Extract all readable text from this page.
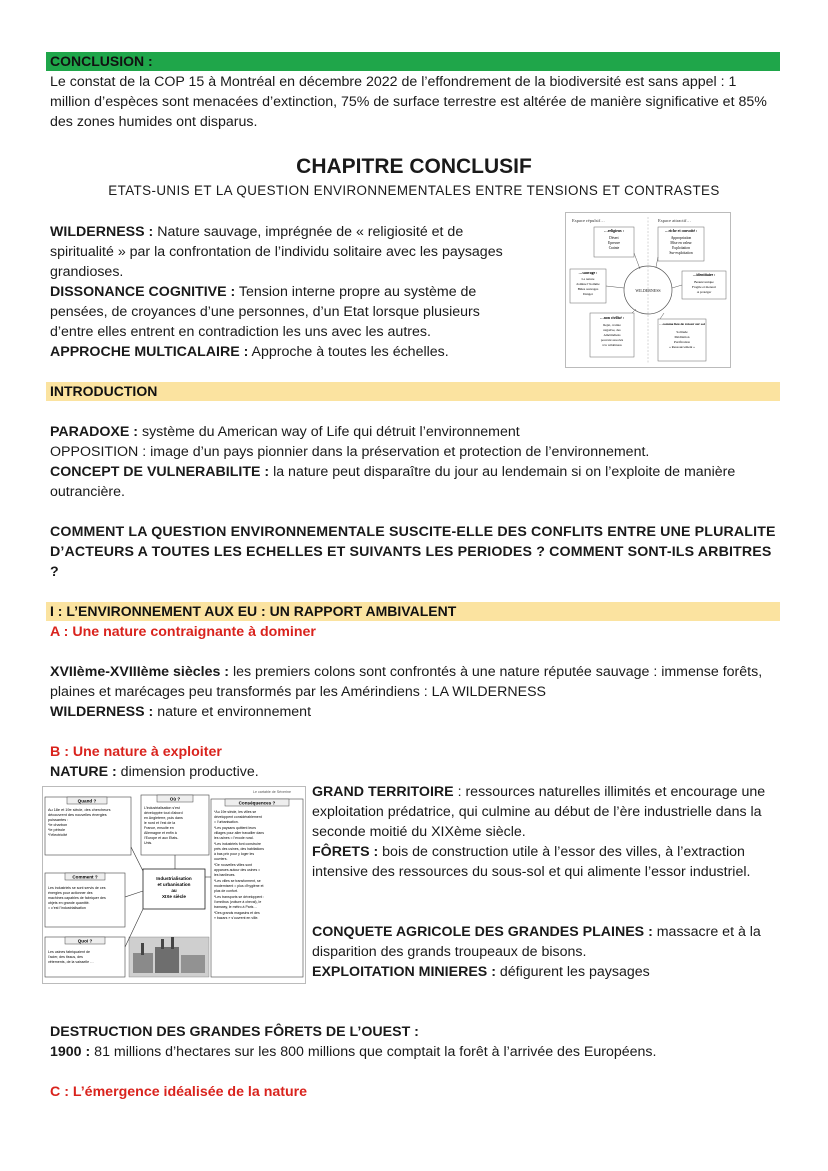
CONCLUSION :

Le constat de la COP 15 à Montréal en décembre 2022 de l’effondrement de la biodiversité est sans appel : 1 million d’espèces sont menacées d’extinction, 75% de surface terrestre est altérée de manière significative et 85% des zones humides ont disparus.

CHAPITRE CONCLUSIF
ETATS-UNIS ET LA QUESTION ENVIRONNEMENTALES ENTRE TENSIONS ET CONTRASTES

WILDERNESS : Nature sauvage, imprégnée de « religiosité et de spiritualité » par la confrontation de l’individu solitaire avec les paysages grandioses.

DISSONANCE COGNITIVE : Tension interne propre au système de pensées, de croyances d’une personnes, d’un Etat lorsque plusieurs d’entre elles entrent en contradiction les uns avec les autres.

APPROCHE MULTICALAIRE : Approche à toutes les échelles.

Espace répulsif…	Espace attractif…
WILDERNESS
…religieux :
Désert
Epreuve
Crainte
…riche et convoité :
Appropriation
Mise en valeur
Exploitation
Sur-exploitation
…sauvage :
La nature
domine l’homme
Bêtes sauvages
Danger
…identitaire :
Beauté unique
Fragile et menacé
A protéger
…non civilisé :
Rejet, crainte
négative, des
Amérindiens
pouvant associés
à la wildérness
…comme lieu de retour sur soi
Solitude
Méditation
Purification
« Ressourcement »
INTRODUCTION

PARADOXE : système du American way of Life qui détruit l’environnement

OPPOSITION : image d’un pays pionnier dans la préservation et protection de l’environnement.

CONCEPT DE VULNERABILITE : la nature peut disparaître du jour au lendemain si on l’exploite de manière outrancière.

COMMENT LA QUESTION ENVIRONNEMENTALE SUSCITE-ELLE DES CONFLITS ENTRE UNE PLURALITE D’ACTEURS A TOUTES LES ECHELLES ET SUIVANTS LES PERIODES ? COMMENT SONT-ILS ARBITRES ?

I : L’ENVIRONNEMENT AUX EU : UN RAPPORT AMBIVALENT

A : Une nature contraignante à dominer

XVIIème-XVIIIème siècles : les premiers colons sont confrontés à une nature réputée sauvage : immense forêts, plaines et marécages peu transformés par les Amérindiens : LA WILDERNESS

WILDERNESS : nature et environnement

B : Une nature à exploiter

NATURE : dimension productive.

Le cartable de Séverine
Quand ?
Au 18e et 19e siècle, des chercheurs
découvrent des nouvelles énergies
puissantes :
*le charbon
*le pétrole
*l’électricité
Où ?
L’industrialisation s’est
développée tout d’abord
en Angleterre, puis dans
le nord et l’est de la
France, ensuite en
Allemagne et enfin à
l’Europe et aux Etats-
Unis.
Conséquences ?
*Au 19e siècle, les villes se
développent considérablement
= l’urbanisation.
*Les paysans quittent leurs
villages pour aller travailler dans
les usines = l’exode rural.
*Les industriels font construire
près des usines, des habitations
à bas prix pour y loger les
ouvriers.
*De nouvelles villes sont
apparues autour des usines =
les banlieues.
*Les villes se transforment, se
modernisent = plus d’hygiène et
plus de confort.
*Les transports se développent :
l’omnibus (voiture à cheval), le
tramway, le métro à Paris…
*Des grands magasins et des
« bazars » s’ouvrent en ville.
Comment ?
Les industriels se sont servis de ces
énergies pour actionner des
machines capables de fabriquer des
objets en grande quantité.
= c’est l’industrialisation
Quoi ?
Les usines fabriquaient de
l’acier, des tissus, des
vêtements, de la vaisselle …
Industrialisation
et urbanisation
au
XIXe siècle

GRAND TERRITOIRE : ressources naturelles illimités et encourage une exploitation prédatrice, qui culmine au début de l’ère industrielle dans la seconde moitié du XIXème siècle.

FÔRETS : bois de construction utile à l’essor des villes, à l’extraction intensive des ressources du sous-sol et qui alimente l’essor industriel.

CONQUETE AGRICOLE DES GRANDES PLAINES : massacre et à la disparition des grands troupeaux de bisons.

EXPLOITATION MINIERES : défigurent les paysages

DESTRUCTION DES GRANDES FÔRETS DE L’OUEST :

1900 : 81 millions d’hectares sur les 800 millions que comptait la forêt à l’arrivée des Européens.

C : L’émergence idéalisée de la nature
